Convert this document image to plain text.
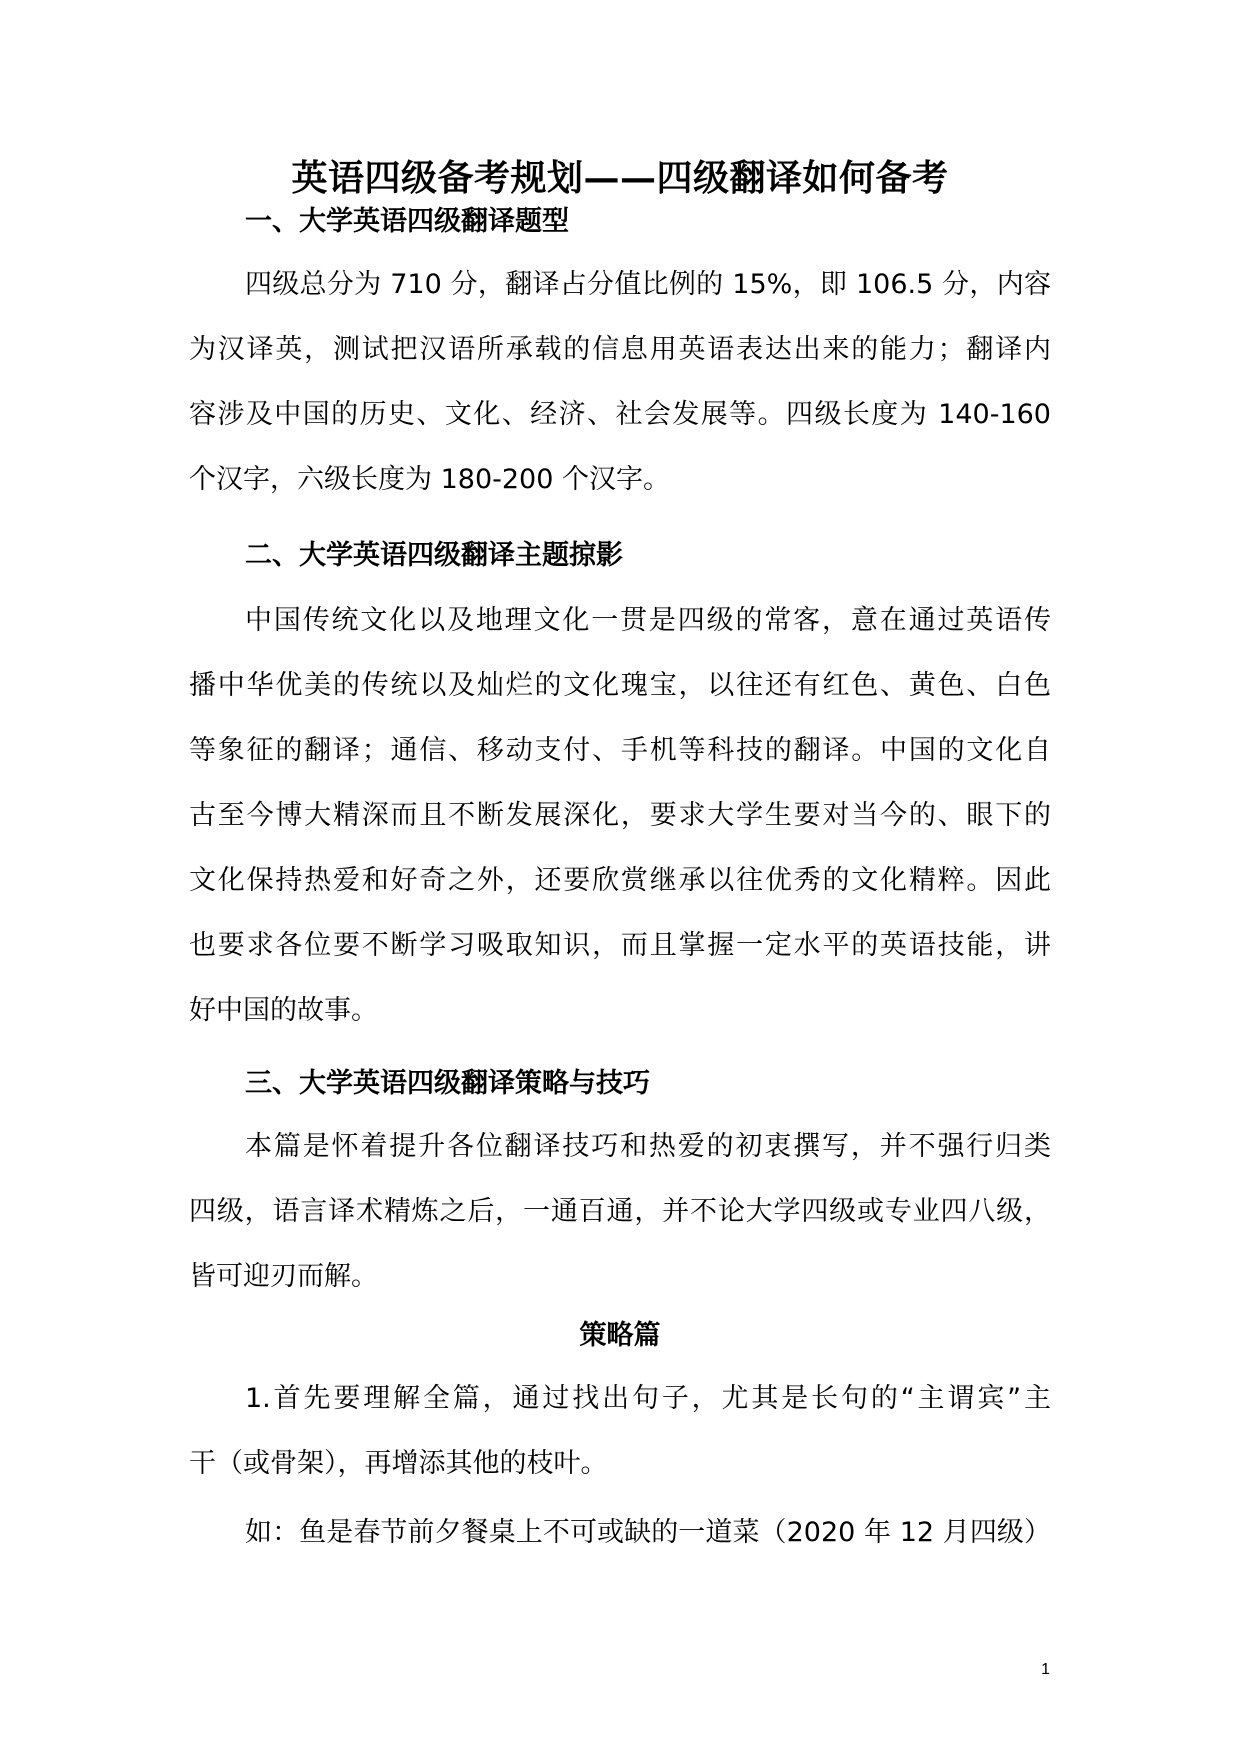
英语四级备考规划——四级翻译如何备考
一、大学英语四级翻译题型
四级总分为 710 分，翻译占分值比例的 15%，即 106.5 分，内容
为汉译英，测试把汉语所承载的信息用英语表达出来的能力；翻译内
容涉及中国的历史、文化、经济、社会发展等。四级长度为 140-160
个汉字，六级长度为 180-200 个汉字。
二、大学英语四级翻译主题掠影
中国传统文化以及地理文化一贯是四级的常客，意在通过英语传
播中华优美的传统以及灿烂的文化瑰宝，以往还有红色、黄色、白色
等象征的翻译；通信、移动支付、手机等科技的翻译。中国的文化自
古至今博大精深而且不断发展深化，要求大学生要对当今的、眼下的
文化保持热爱和好奇之外，还要欣赏继承以往优秀的文化精粹。因此
也要求各位要不断学习吸取知识，而且掌握一定水平的英语技能，讲
好中国的故事。
三、大学英语四级翻译策略与技巧
本篇是怀着提升各位翻译技巧和热爱的初衷撰写，并不强行归类
四级，语言译术精炼之后，一通百通，并不论大学四级或专业四八级，
皆可迎刃而解。
策略篇
1.首先要理解全篇，通过找出句子，尤其是长句的“主谓宾”主
干（或骨架），再增添其他的枝叶。
如：鱼是春节前夕餐桌上不可或缺的一道菜（2020 年 12 月四级）
1
